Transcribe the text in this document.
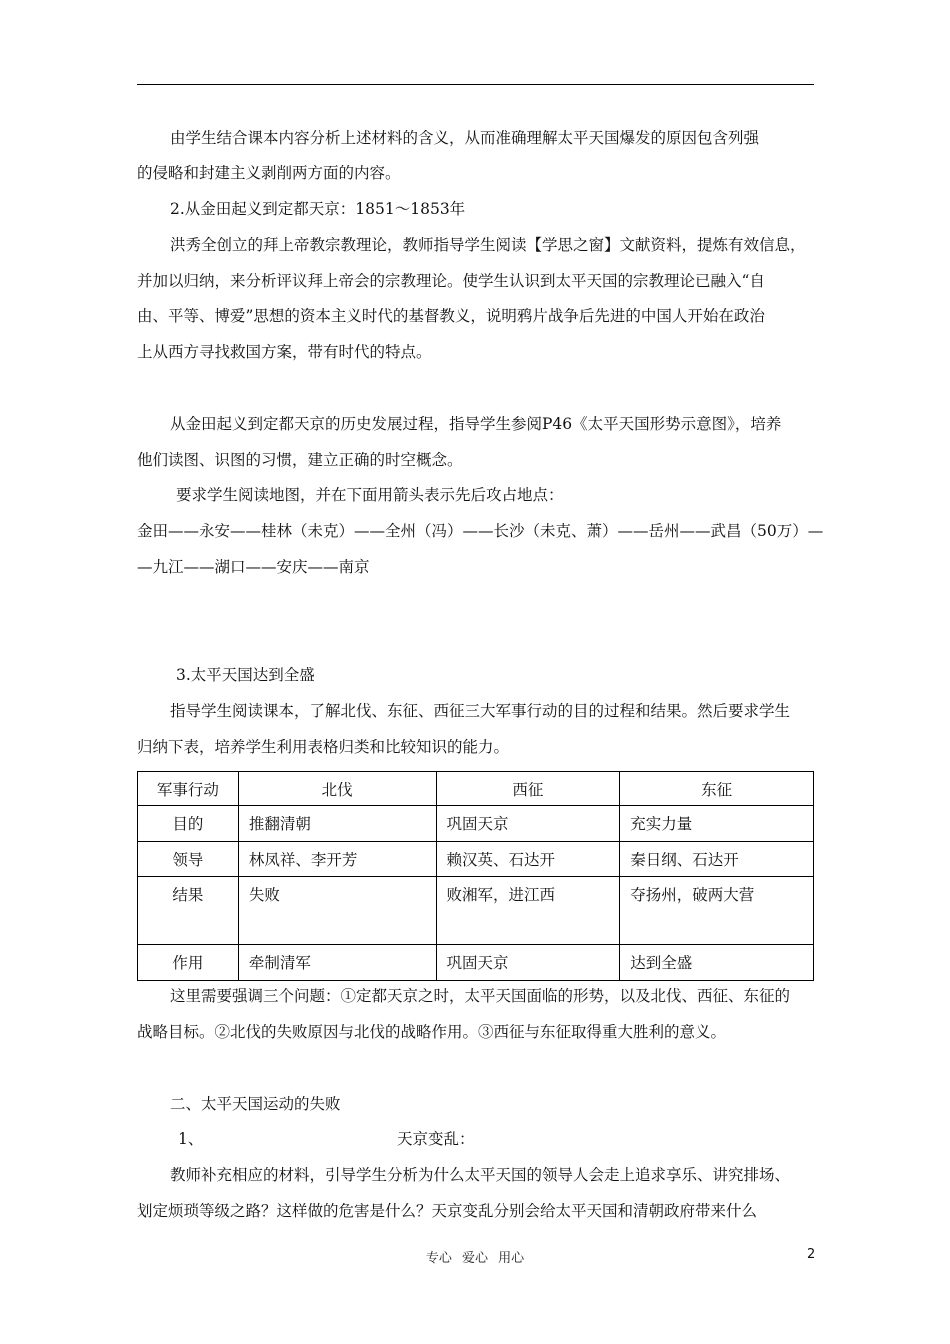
由学生结合课本内容分析上述材料的含义，从而准确理解太平天国爆发的原因包含列强
的侵略和封建主义剥削两方面的内容。
2.从金田起义到定都天京：1851～1853年
洪秀全创立的拜上帝教宗教理论，教师指导学生阅读【学思之窗】文献资料，提炼有效信息，
并加以归纳，来分析评议拜上帝会的宗教理论。使学生认识到太平天国的宗教理论已融入“自
由、平等、博爱”思想的资本主义时代的基督教义，说明鸦片战争后先进的中国人开始在政治
上从西方寻找救国方案，带有时代的特点。
从金田起义到定都天京的历史发展过程，指导学生参阅P46《太平天国形势示意图》，培养
他们读图、识图的习惯，建立正确的时空概念。
要求学生阅读地图，并在下面用箭头表示先后攻占地点：
金田——永安——桂林（未克）——全州（冯）——长沙（未克、萧）——岳州——武昌（50万）—
—九江——湖口——安庆——南京
3.太平天国达到全盛
指导学生阅读课本，了解北伐、东征、西征三大军事行动的目的过程和结果。然后要求学生
归纳下表，培养学生利用表格归类和比较知识的能力。
军事行动	北伐	西征	东征
目的	推翻清朝	巩固天京	充实力量
领导	林凤祥、李开芳	赖汉英、石达开	秦日纲、石达开
结果	失败	败湘军，进江西	夺扬州，破两大营
作用	牵制清军	巩固天京	达到全盛
这里需要强调三个问题：①定都天京之时，太平天国面临的形势，以及北伐、西征、东征的
战略目标。②北伐的失败原因与北伐的战略作用。③西征与东征取得重大胜利的意义。
二、太平天国运动的失败
1、	天京变乱：
教师补充相应的材料，引导学生分析为什么太平天国的领导人会走上追求享乐、讲究排场、
划定烦琐等级之路？这样做的危害是什么？天京变乱分别会给太平天国和清朝政府带来什么
专心 爱心 用心	2
